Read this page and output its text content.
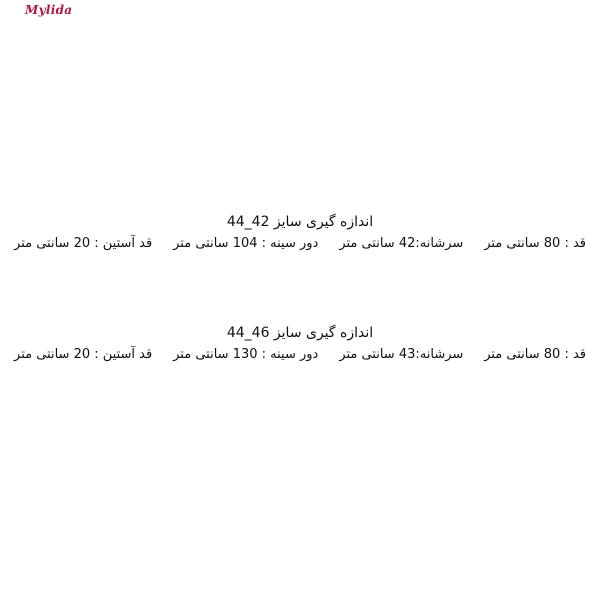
Mylida
اندازه گیری سایز 42_44
قد : 80 سانتی متر
سرشانه:42 سانتی متر
دور سینه : 104 سانتی متر
قد آستین : 20 سانتی متر
اندازه گیری سایز 46_44
قد : 80 سانتی متر
سرشانه:43 سانتی متر
دور سینه : 130 سانتی متر
قد آستین : 20 سانتی متر
